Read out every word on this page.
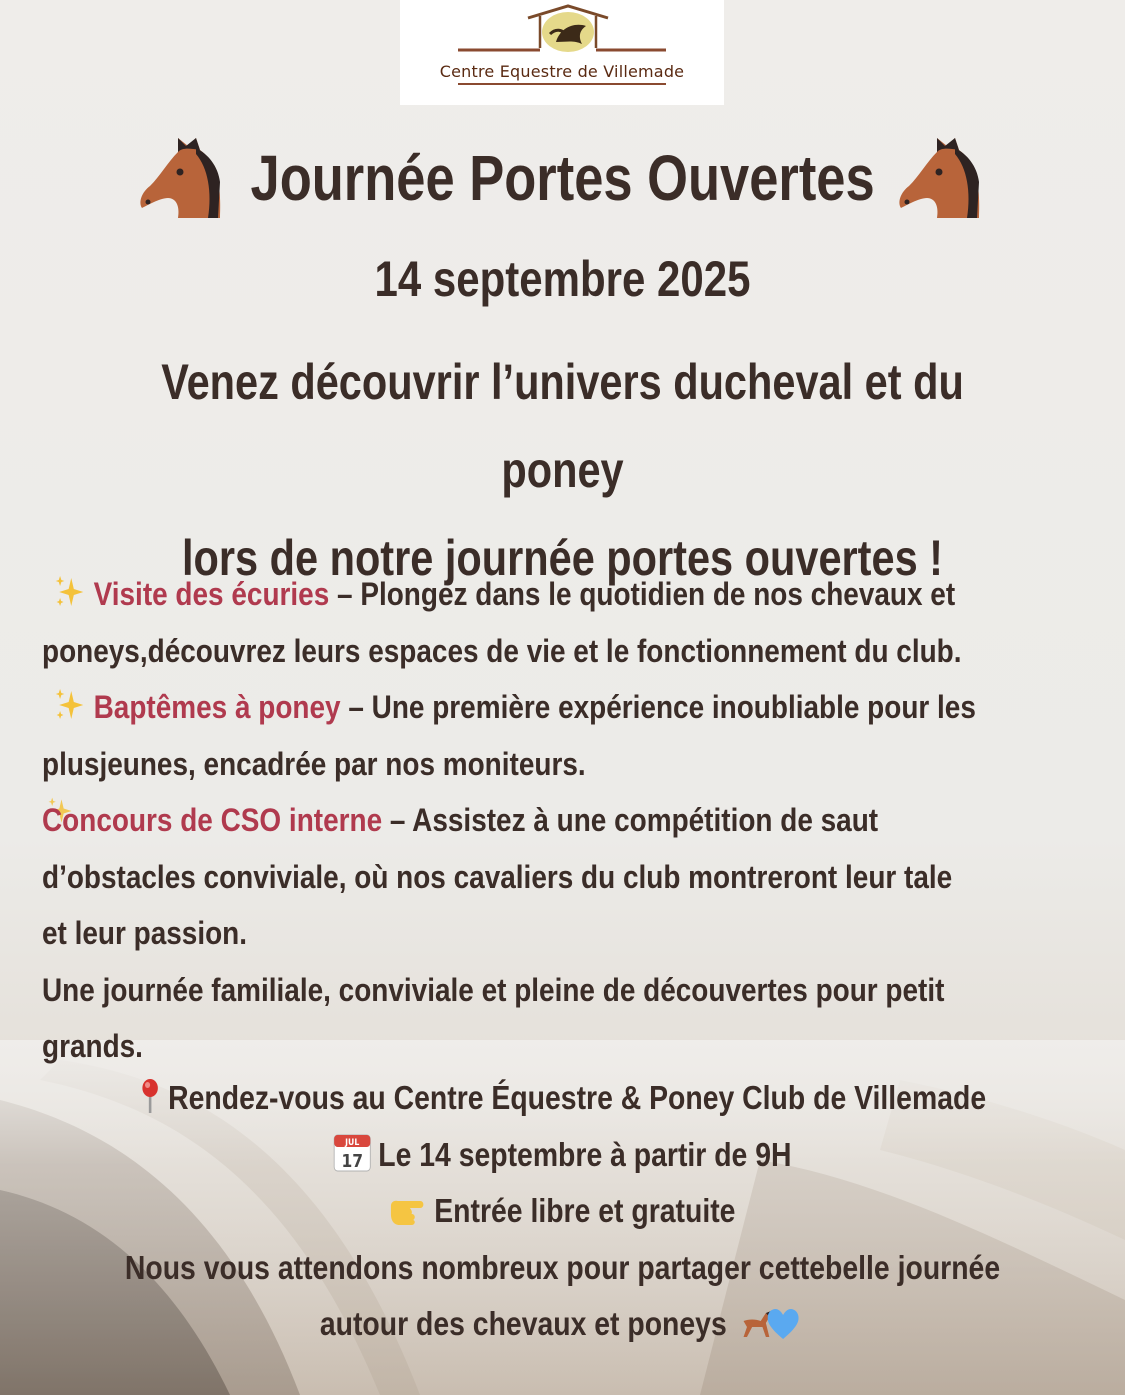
Centre Equestre de Villemade
Journée Portes Ouvertes
14 septembre 2025
Venez découvrir l’univers ducheval et du poney
lors de notre journée portes ouvertes !
Visite des écuries – Plongez dans le quotidien de nos chevaux et
poneys,découvrez leurs espaces de vie et le fonctionnement du club.
Baptêmes à poney – Une première expérience inoubliable pour les
plusjeunes, encadrée par nos moniteurs.
Concours de CSO interne – Assistez à une compétition de saut
d’obstacles conviviale, où nos cavaliers du club montreront leur tale
et leur passion.
Une journée familiale, conviviale et pleine de découvertes pour petit
grands.
Rendez-vous au Centre Équestre & Poney Club de Villemade
JUL
17 Le 14 septembre à partir de 9H
Entrée libre et gratuite
Nous vous attendons nombreux pour partager cettebelle journée
autour des chevaux et poneys
